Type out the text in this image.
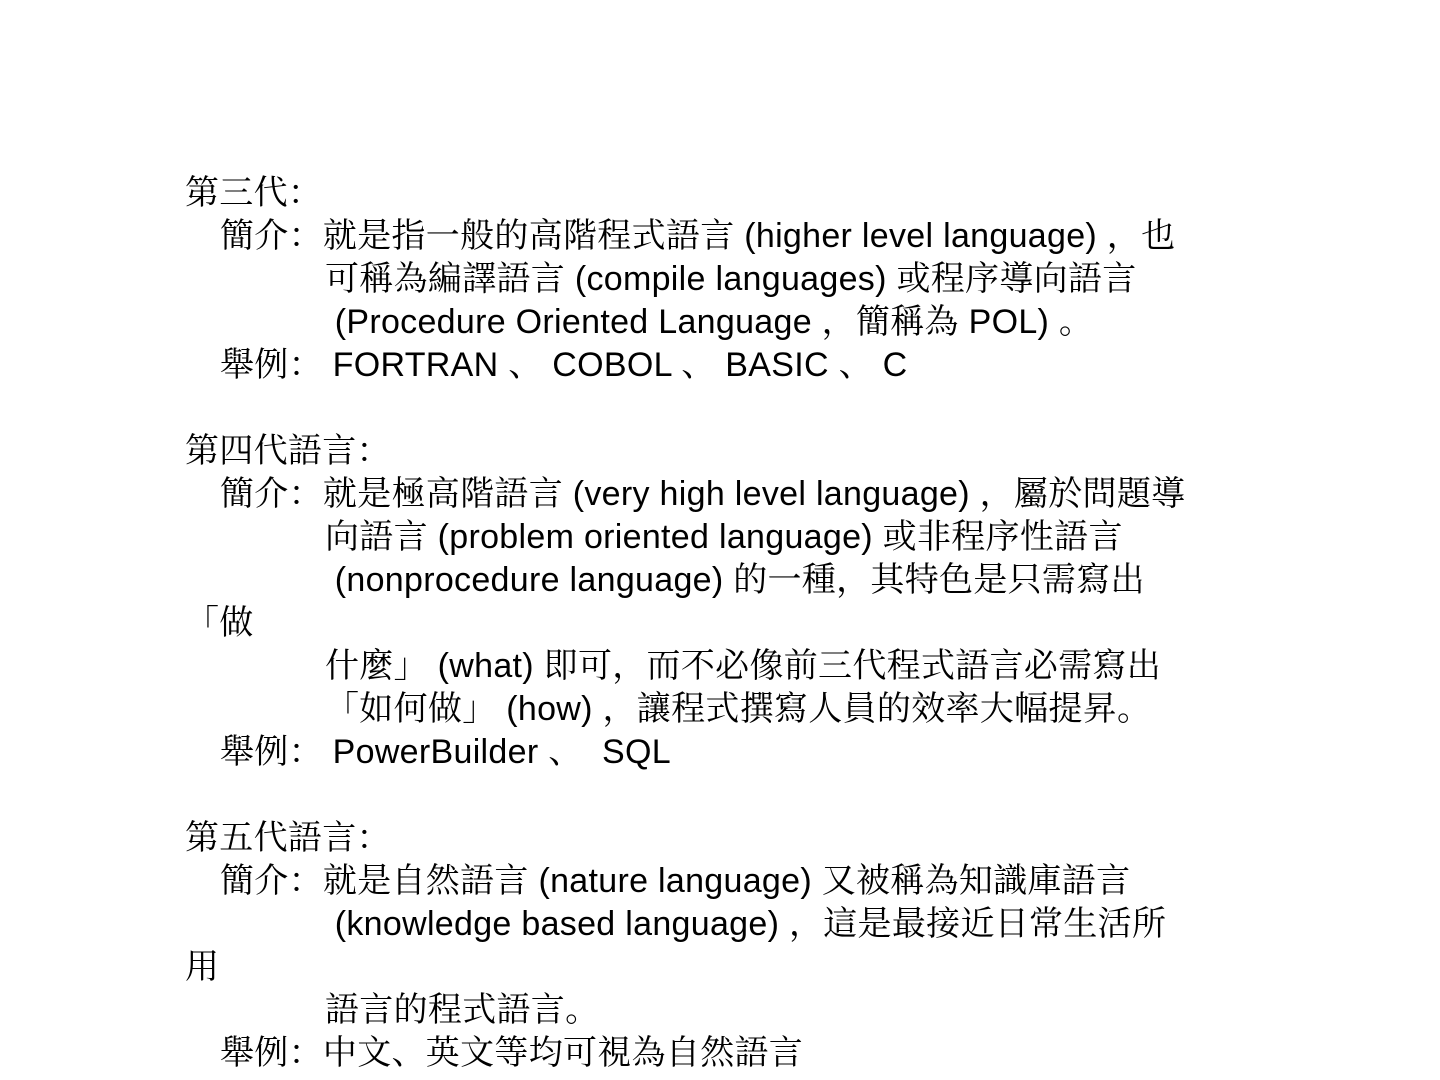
第三代：
簡介：就是指一般的高階程式語言 (higher level language) ，也
可稱為編譯語言 (compile languages) 或程序導向語言
(Procedure Oriented Language ，簡稱為 POL) 。
舉例： FORTRAN 、 COBOL 、 BASIC 、 C
第四代語言：
簡介：就是極高階語言 (very high level language) ，屬於問題導
向語言 (problem oriented language) 或非程序性語言
(nonprocedure language) 的一種，其特色是只需寫出
「做
什麼」 (what) 即可，而不必像前三代程式語言必需寫出
「如何做」 (how) ，讓程式撰寫人員的效率大幅提昇。
舉例： PowerBuilder 、  SQL
第五代語言：
簡介：就是自然語言 (nature language) 又被稱為知識庫語言
(knowledge based language) ，這是最接近日常生活所
用
語言的程式語言。
舉例：中文、英文等均可視為自然語言
